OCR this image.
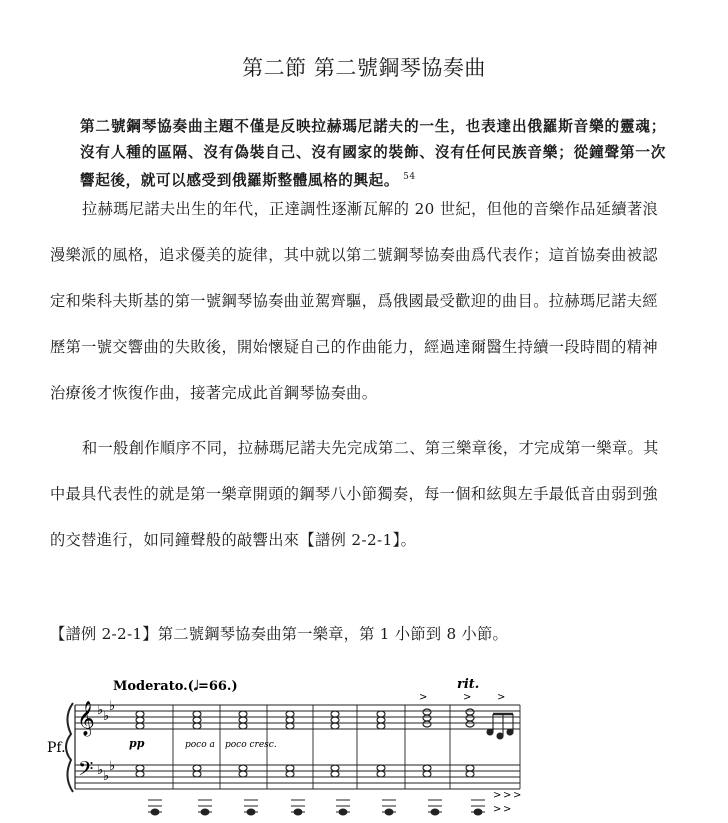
第二節 第二號鋼琴協奏曲
第二號鋼琴協奏曲主題不僅是反映拉赫瑪尼諾夫的一生，也表達出俄羅斯音樂的靈魂；沒有人種的區隔、沒有偽裝自己、沒有國家的裝飾、沒有任何民族音樂；從鐘聲第一次響起後，就可以感受到俄羅斯整體風格的興起。 $^{54}$

拉赫瑪尼諾夫出生的年代，正達調性逐漸瓦解的 20 世紀，但他的音樂作品延續著浪漫樂派的風格，追求優美的旋律，其中就以第二號鋼琴協奏曲爲代表作；這首協奏曲被認定和柴科夫斯基的第一號鋼琴協奏曲並駕齊驅，爲俄國最受歡迎的曲目。拉赫瑪尼諾夫經歷第一號交響曲的失敗後，開始懷疑自己的作曲能力，經過達爾醫生持續一段時間的精神治療後才恢復作曲，接著完成此首鋼琴協奏曲。

和一般創作順序不同，拉赫瑪尼諾夫先完成第二、第三樂章後，才完成第一樂章。其中最具代表性的就是第一樂章開頭的鋼琴八小節獨奏，每一個和絃與左手最低音由弱到強的交替進行，如同鐘聲般的敲響出來【譜例 2-2-1】。

【譜例 2-2-1】第二號鋼琴協奏曲第一樂章，第 1 小節到 8 小節。
Moderato.(𝅗𝅥=66.)	rit.
Pf.
𝄞
𝄢
♭ ♭
♭
♭ ♭
♭
>	>	>
pp	poco a poco cresc.
> > >
> >
